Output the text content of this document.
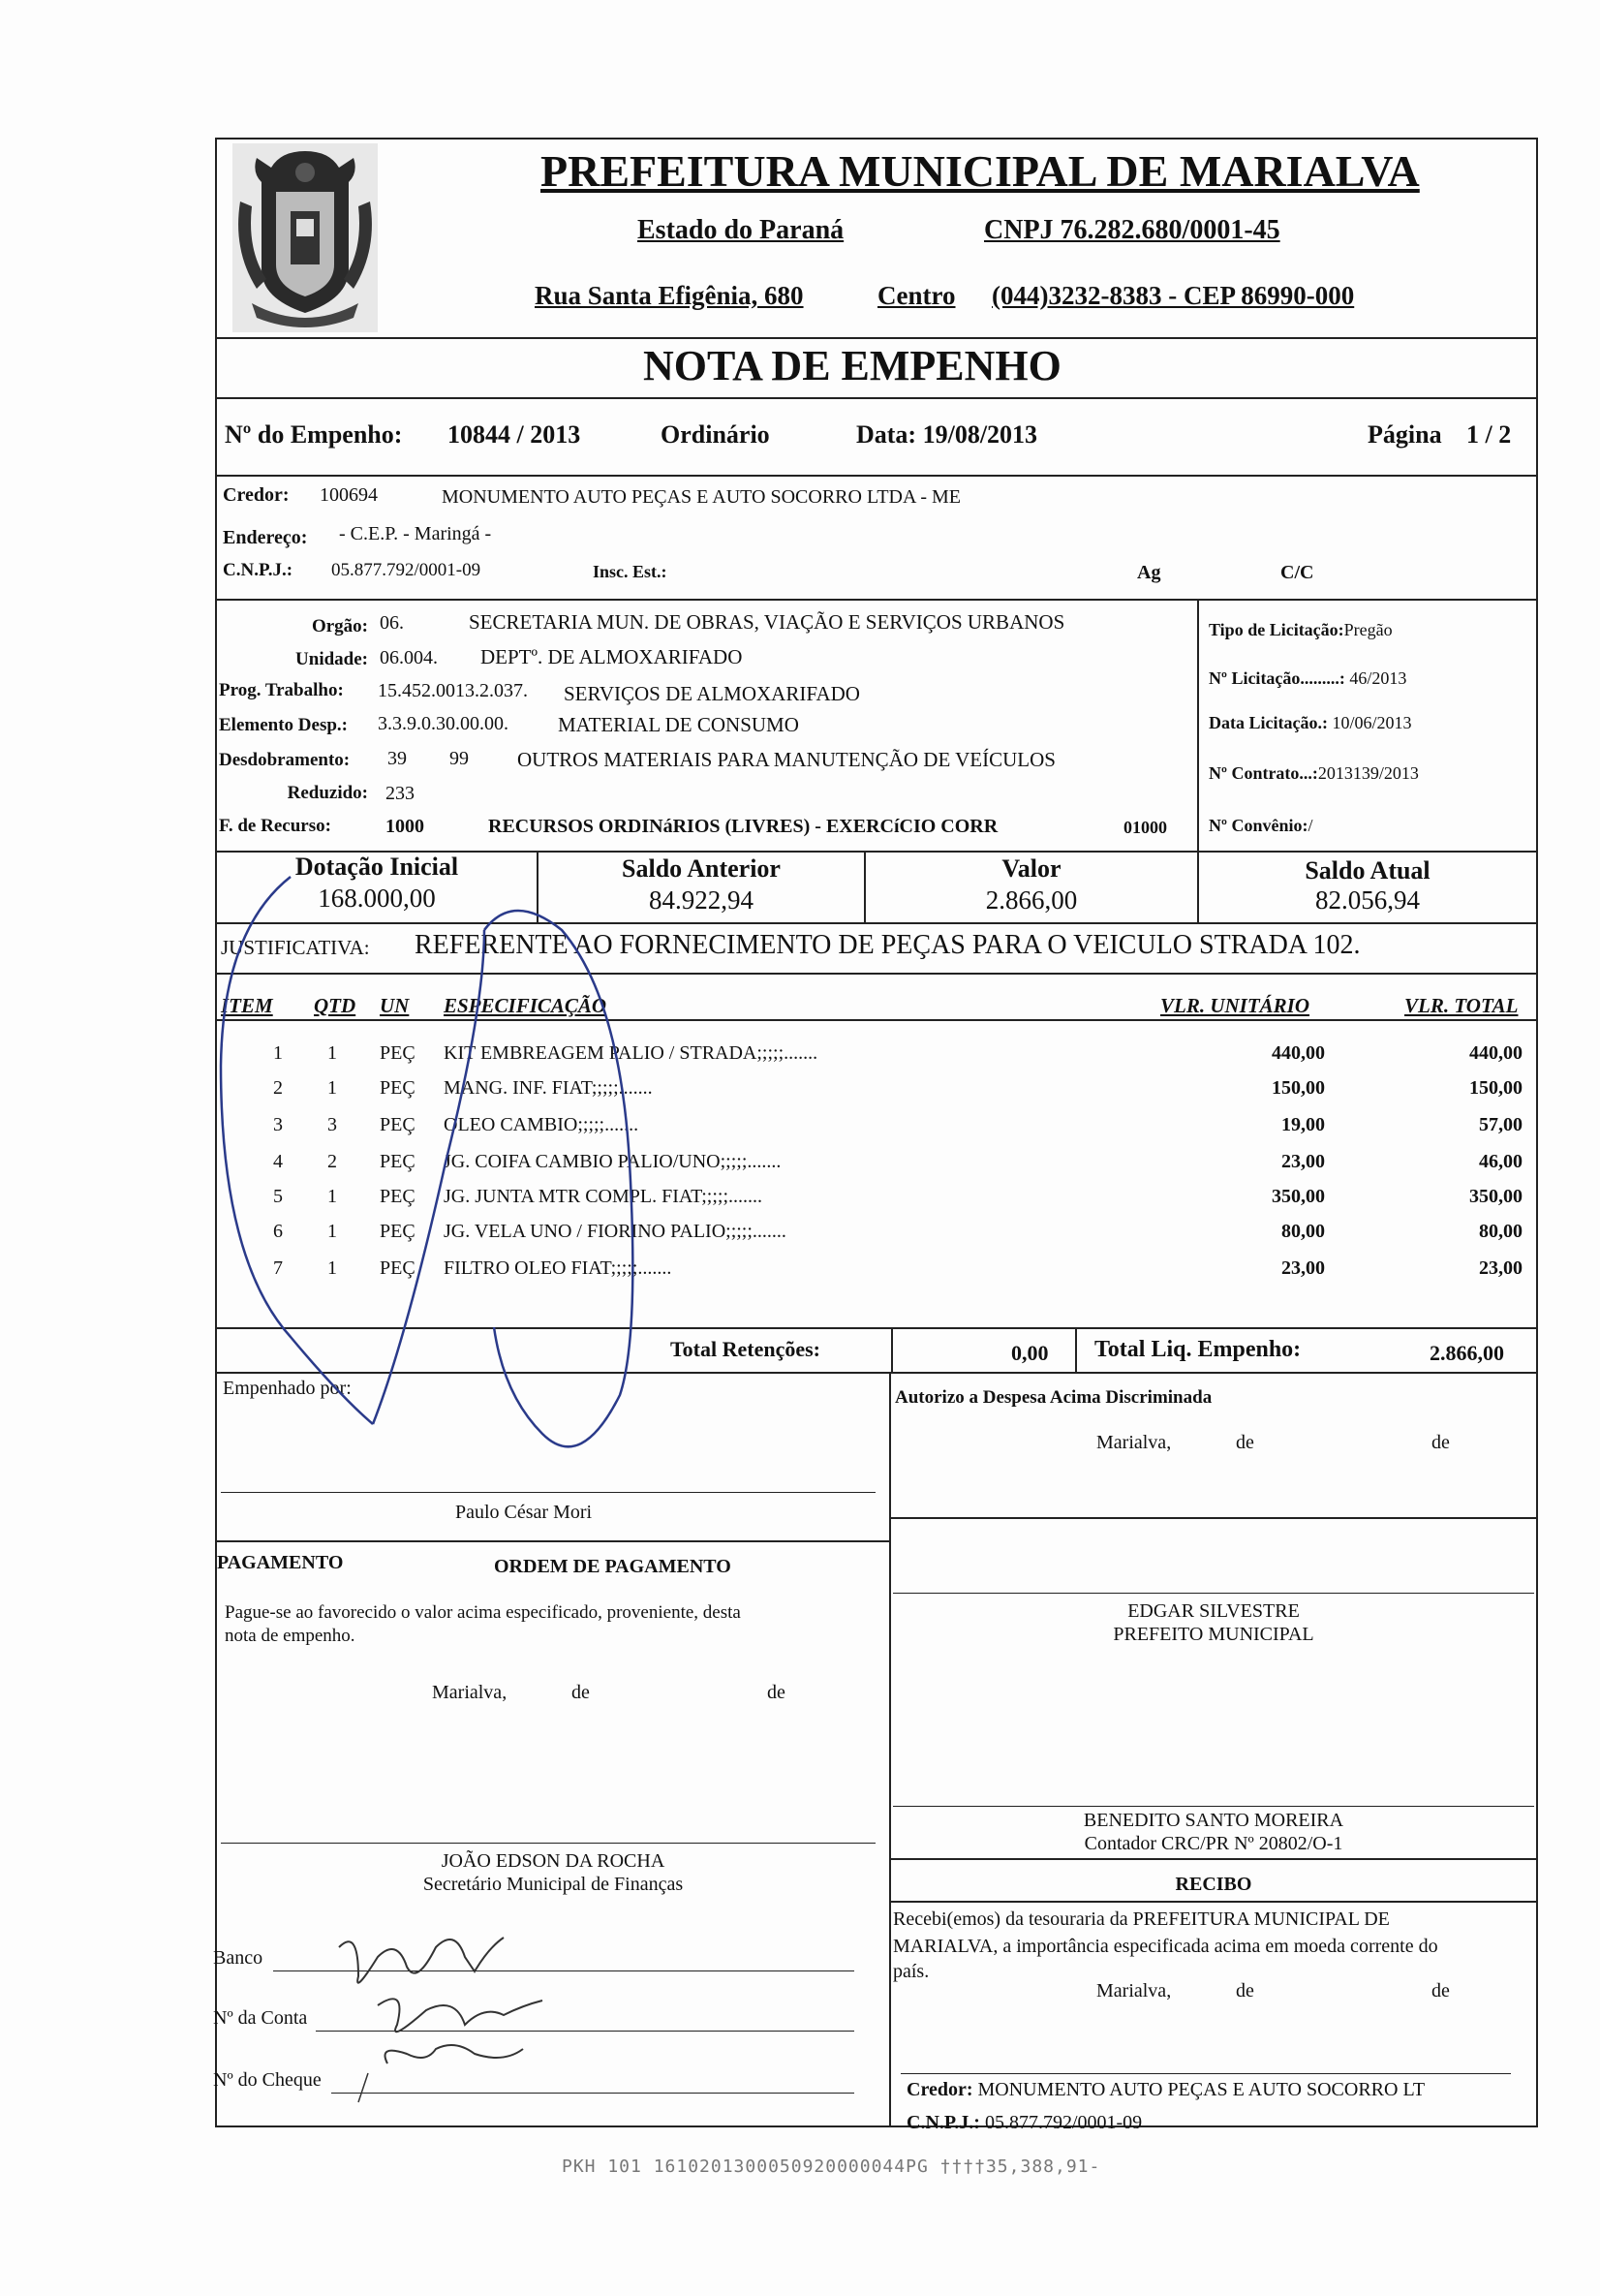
PREFEITURA MUNICIPAL DE MARIALVA
Estado do Paraná	CNPJ 76.282.680/0001-45
Rua Santa Efigênia, 680	Centro (044)3232-8383 - CEP 86990-000
NOTA DE EMPENHO
Nº do Empenho: 10844 / 2013	Ordinário	Data: 19/08/2013	Página 1 / 2
Credor: 100694	MONUMENTO AUTO PEÇAS E AUTO SOCORRO LTDA - ME
Endereço: - C.E.P. - Maringá -
C.N.P.J.: 05.877.792/0001-09	Insc. Est.:	Ag	C/C
Orgão: 06.	SECRETARIA MUN. DE OBRAS, VIAÇÃO E SERVIÇOS URBANOS
Unidade: 06.004. DEPTº. DE ALMOXARIFADO
Prog. Trabalho: 15.452.0013.2.037. SERVIÇOS DE ALMOXARIFADO
Elemento Desp.: 3.3.9.0.30.00.00. MATERIAL DE CONSUMO
Desdobramento: 39 99 OUTROS MATERIAIS PARA MANUTENÇÃO DE VEÍCULOS
Reduzido: 233
F. de Recurso:	1000	RECURSOS ORDINáRIOS (LIVRES) - EXERCíCIO CORR	01000
Tipo de Licitação:Pregão
Nº Licitação.........: 46/2013
Data Licitação.: 10/06/2013
Nº Contrato...:2013139/2013
Nº Convênio:/
Dotação Inicial
168.000,00
Saldo Anterior
84.922,94
Valor
2.866,00
Saldo Atual
82.056,94
JUSTIFICATIVA: REFERENTE AO FORNECIMENTO DE PEÇAS PARA O VEICULO STRADA 102.
ITEM QTD UN ESPECIFICAÇÃO	VLR. UNITÁRIO	VLR. TOTAL
1 1 PEÇ KIT EMBREAGEM PALIO / STRADA;;;;;.......	440,00	440,00
2 1 PEÇ MANG. INF. FIAT;;;;;.......	150,00	150,00
3 3 PEÇ OLEO CAMBIO;;;;;.......	19,00	57,00
4 2 PEÇ JG. COIFA CAMBIO PALIO/UNO;;;;;.......	23,00	46,00
5 1 PEÇ JG. JUNTA MTR COMPL. FIAT;;;;;.......	350,00	350,00
6 1 PEÇ JG. VELA UNO / FIORINO PALIO;;;;;.......	80,00	80,00
7 1 PEÇ FILTRO OLEO FIAT;;;;;.......	23,00	23,00
Total Retenções:	0,00 Total Liq. Empenho:	2.866,00
Empenhado por:
Paulo César Mori
Autorizo a Despesa Acima Discriminada
Marialva,	de	de
PAGAMENTO	ORDEM DE PAGAMENTO
Pague-se ao favorecido o valor acima especificado, proveniente, desta
nota de empenho.
Marialva,	de	de
JOÃO EDSON DA ROCHA
Secretário Municipal de Finanças
EDGAR SILVESTRE
PREFEITO MUNICIPAL
BENEDITO SANTO MOREIRA
Contador CRC/PR Nº 20802/O-1
RECIBO
Recebi(emos) da tesouraria da PREFEITURA MUNICIPAL DE
MARIALVA, a importância especificada acima em moeda corrente do
país.
Marialva,	de	de
Banco
Nº da Conta
Nº do Cheque	Credor: MONUMENTO AUTO PEÇAS E AUTO SOCORRO LT
C.N.P.J.: 05.877.792/0001-09
PKH 101 1610201300050920000044PG ††††35,388,91-
